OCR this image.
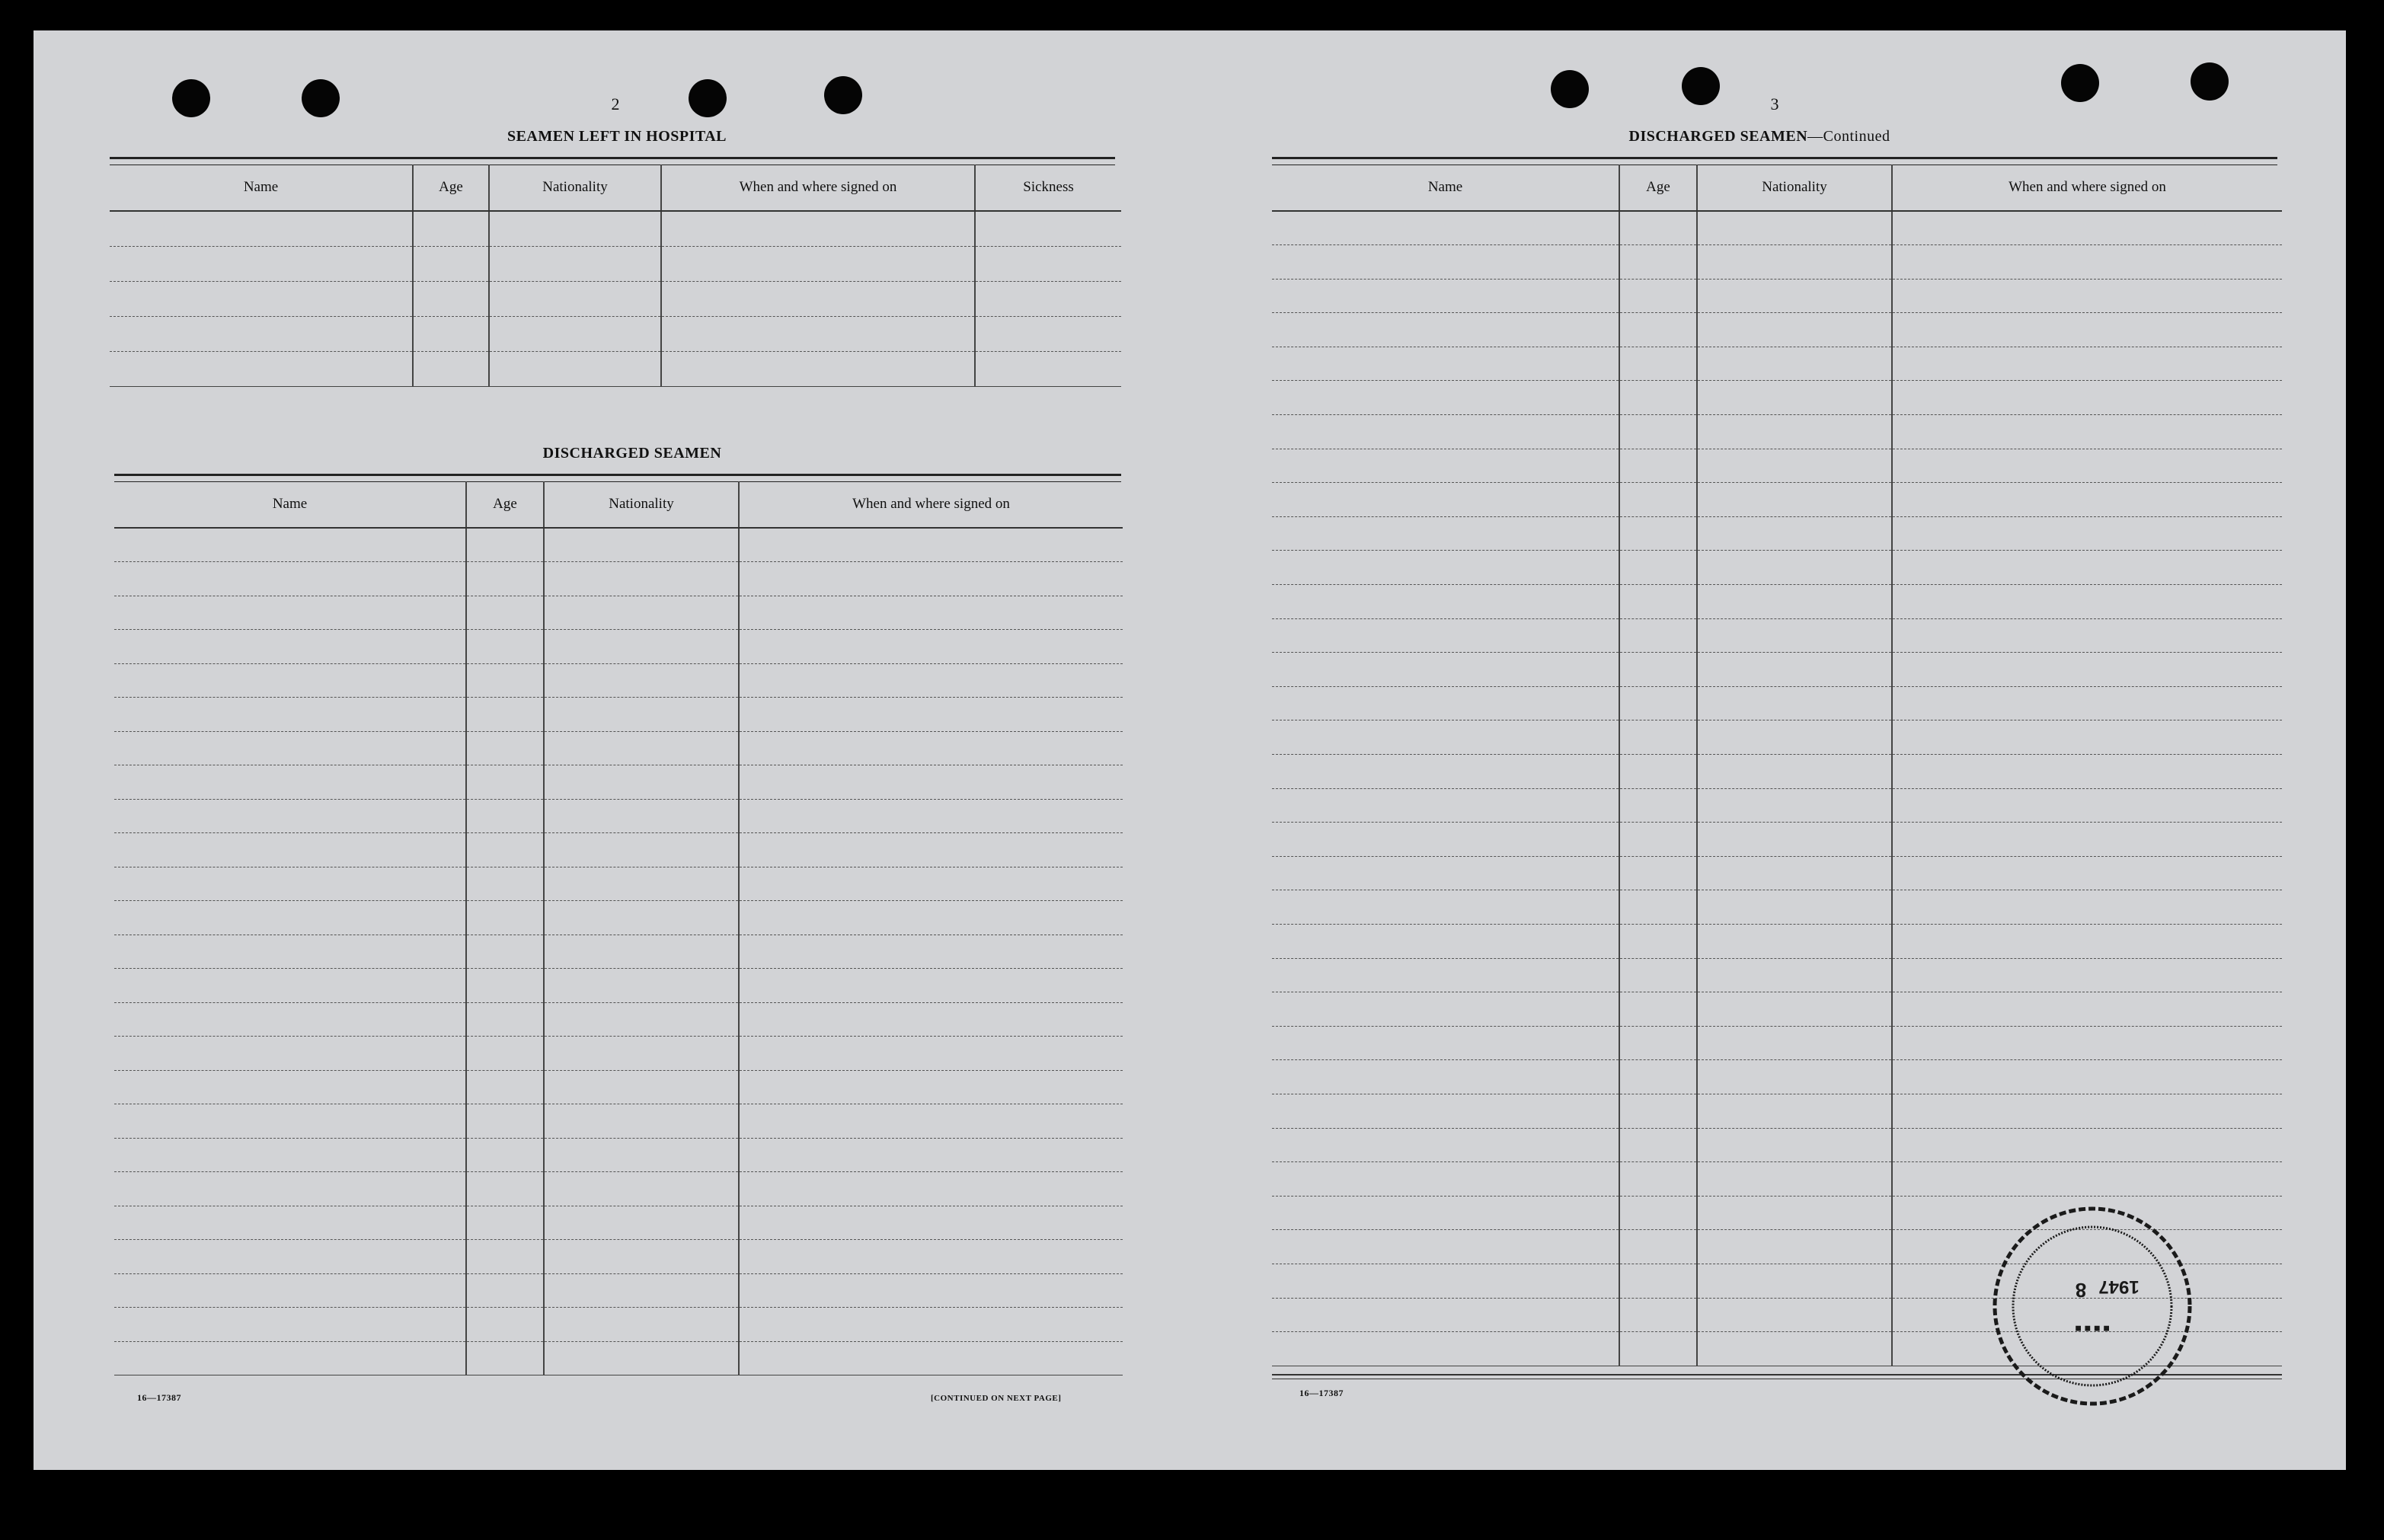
2
SEAMEN LEFT IN HOSPITAL
Name	Age	Nationality	When and where signed on	Sickness

DISCHARGED SEAMEN
Name	Age	Nationality	When and where signed on

16—17387	[CONTINUED ON NEXT PAGE]
3
DISCHARGED SEAMEN—Continued
Name	Age	Nationality	When and where signed on

16—17387
■ ■ ■ ■
8 1947
